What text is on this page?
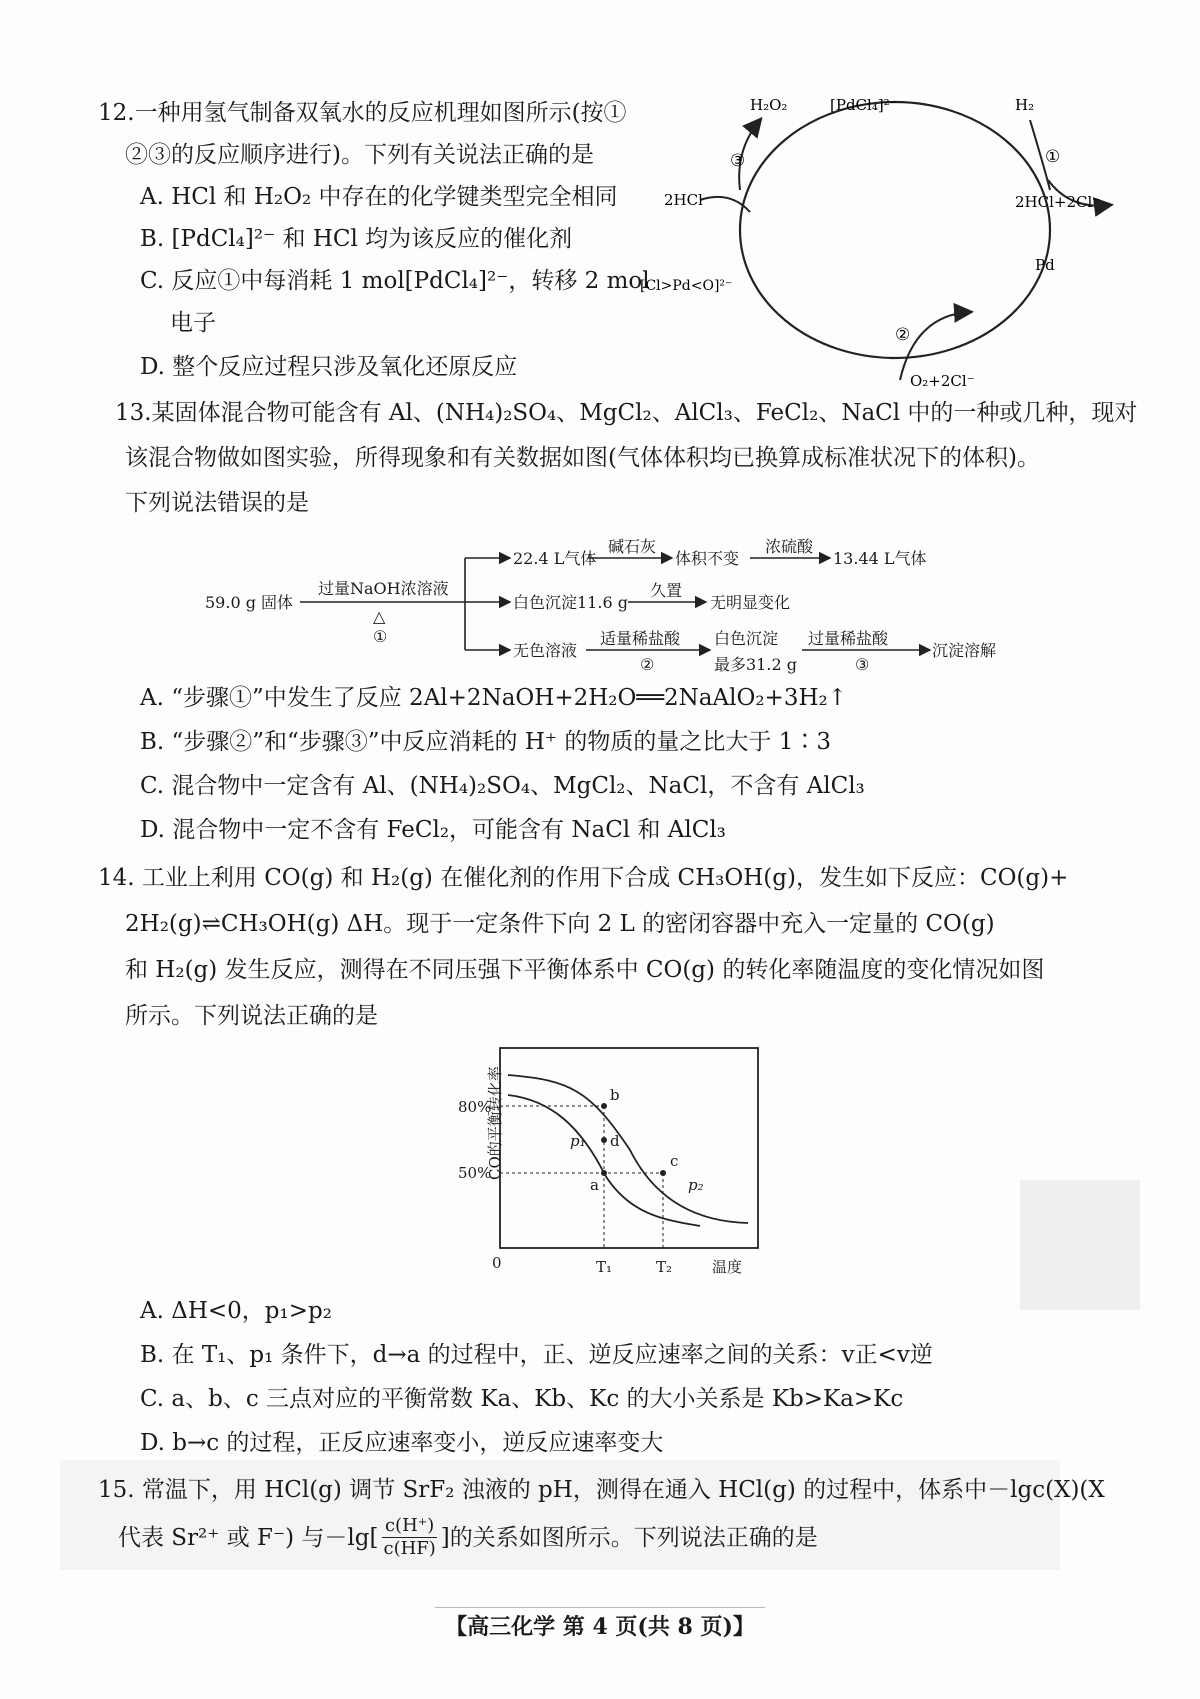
12.一种用氢气制备双氧水的反应机理如图所示(按①
②③的反应顺序进行)。下列有关说法正确的是
A. HCl 和 H₂O₂ 中存在的化学键类型完全相同
B. [PdCl₄]²⁻ 和 HCl 均为该反应的催化剂
C. 反应①中每消耗 1 mol[PdCl₄]²⁻，转移 2 mol
电子
D. 整个反应过程只涉及氧化还原反应
H₂O₂	[PdCl₄]²⁻	H₂
①
③
2HCl	2HCl+2Cl⁻
Pd
[Cl>Pd<O]²⁻
②
O₂+2Cl⁻
13.某固体混合物可能含有 Al、(NH₄)₂SO₄、MgCl₂、AlCl₃、FeCl₂、NaCl 中的一种或几种，现对
该混合物做如图实验，所得现象和有关数据如图(气体体积均已换算成标准状况下的体积)。
下列说法错误的是
59.0 g 固体
过量NaOH浓溶液
△
①
22.4 L气体
碱石灰
体积不变
浓硫酸
13.44 L气体
白色沉淀11.6 g
久置
无明显变化
无色溶液
适量稀盐酸
②
白色沉淀
最多31.2 g
过量稀盐酸
③
沉淀溶解
A. “步骤①”中发生了反应 2Al+2NaOH+2H₂O══2NaAlO₂+3H₂↑
B. “步骤②”和“步骤③”中反应消耗的 H⁺ 的物质的量之比大于 1∶3
C. 混合物中一定含有 Al、(NH₄)₂SO₄、MgCl₂、NaCl，不含有 AlCl₃
D. 混合物中一定不含有 FeCl₂，可能含有 NaCl 和 AlCl₃
14. 工业上利用 CO(g) 和 H₂(g) 在催化剂的作用下合成 CH₃OH(g)，发生如下反应：CO(g)+
2H₂(g)⇌CH₃OH(g) ΔH。现于一定条件下向 2 L 的密闭容器中充入一定量的 CO(g)
和 H₂(g) 发生反应，测得在不同压强下平衡体系中 CO(g) 的转化率随温度的变化情况如图
所示。下列说法正确的是
CO的平衡转化率
80%
50%
0	T₁	T₂	温度
p₁
p₂
b
d
a
c
A. ΔH<0，p₁>p₂
B. 在 T₁、p₁ 条件下，d→a 的过程中，正、逆反应速率之间的关系：v正<v逆
C. a、b、c 三点对应的平衡常数 Ka、Kb、Kc 的大小关系是 Kb>Ka>Kc
D. b→c 的过程，正反应速率变小，逆反应速率变大
15. 常温下，用 HCl(g) 调节 SrF₂ 浊液的 pH，测得在通入 HCl(g) 的过程中，体系中－lgc(X)(X
代表 Sr²⁺ 或 F⁻) 与$-\lg[ \frac{c(H^+)}{c(HF)}$ ]的关系如图所示。下列说法正确的是
【高三化学 第 4 页(共 8 页)】
